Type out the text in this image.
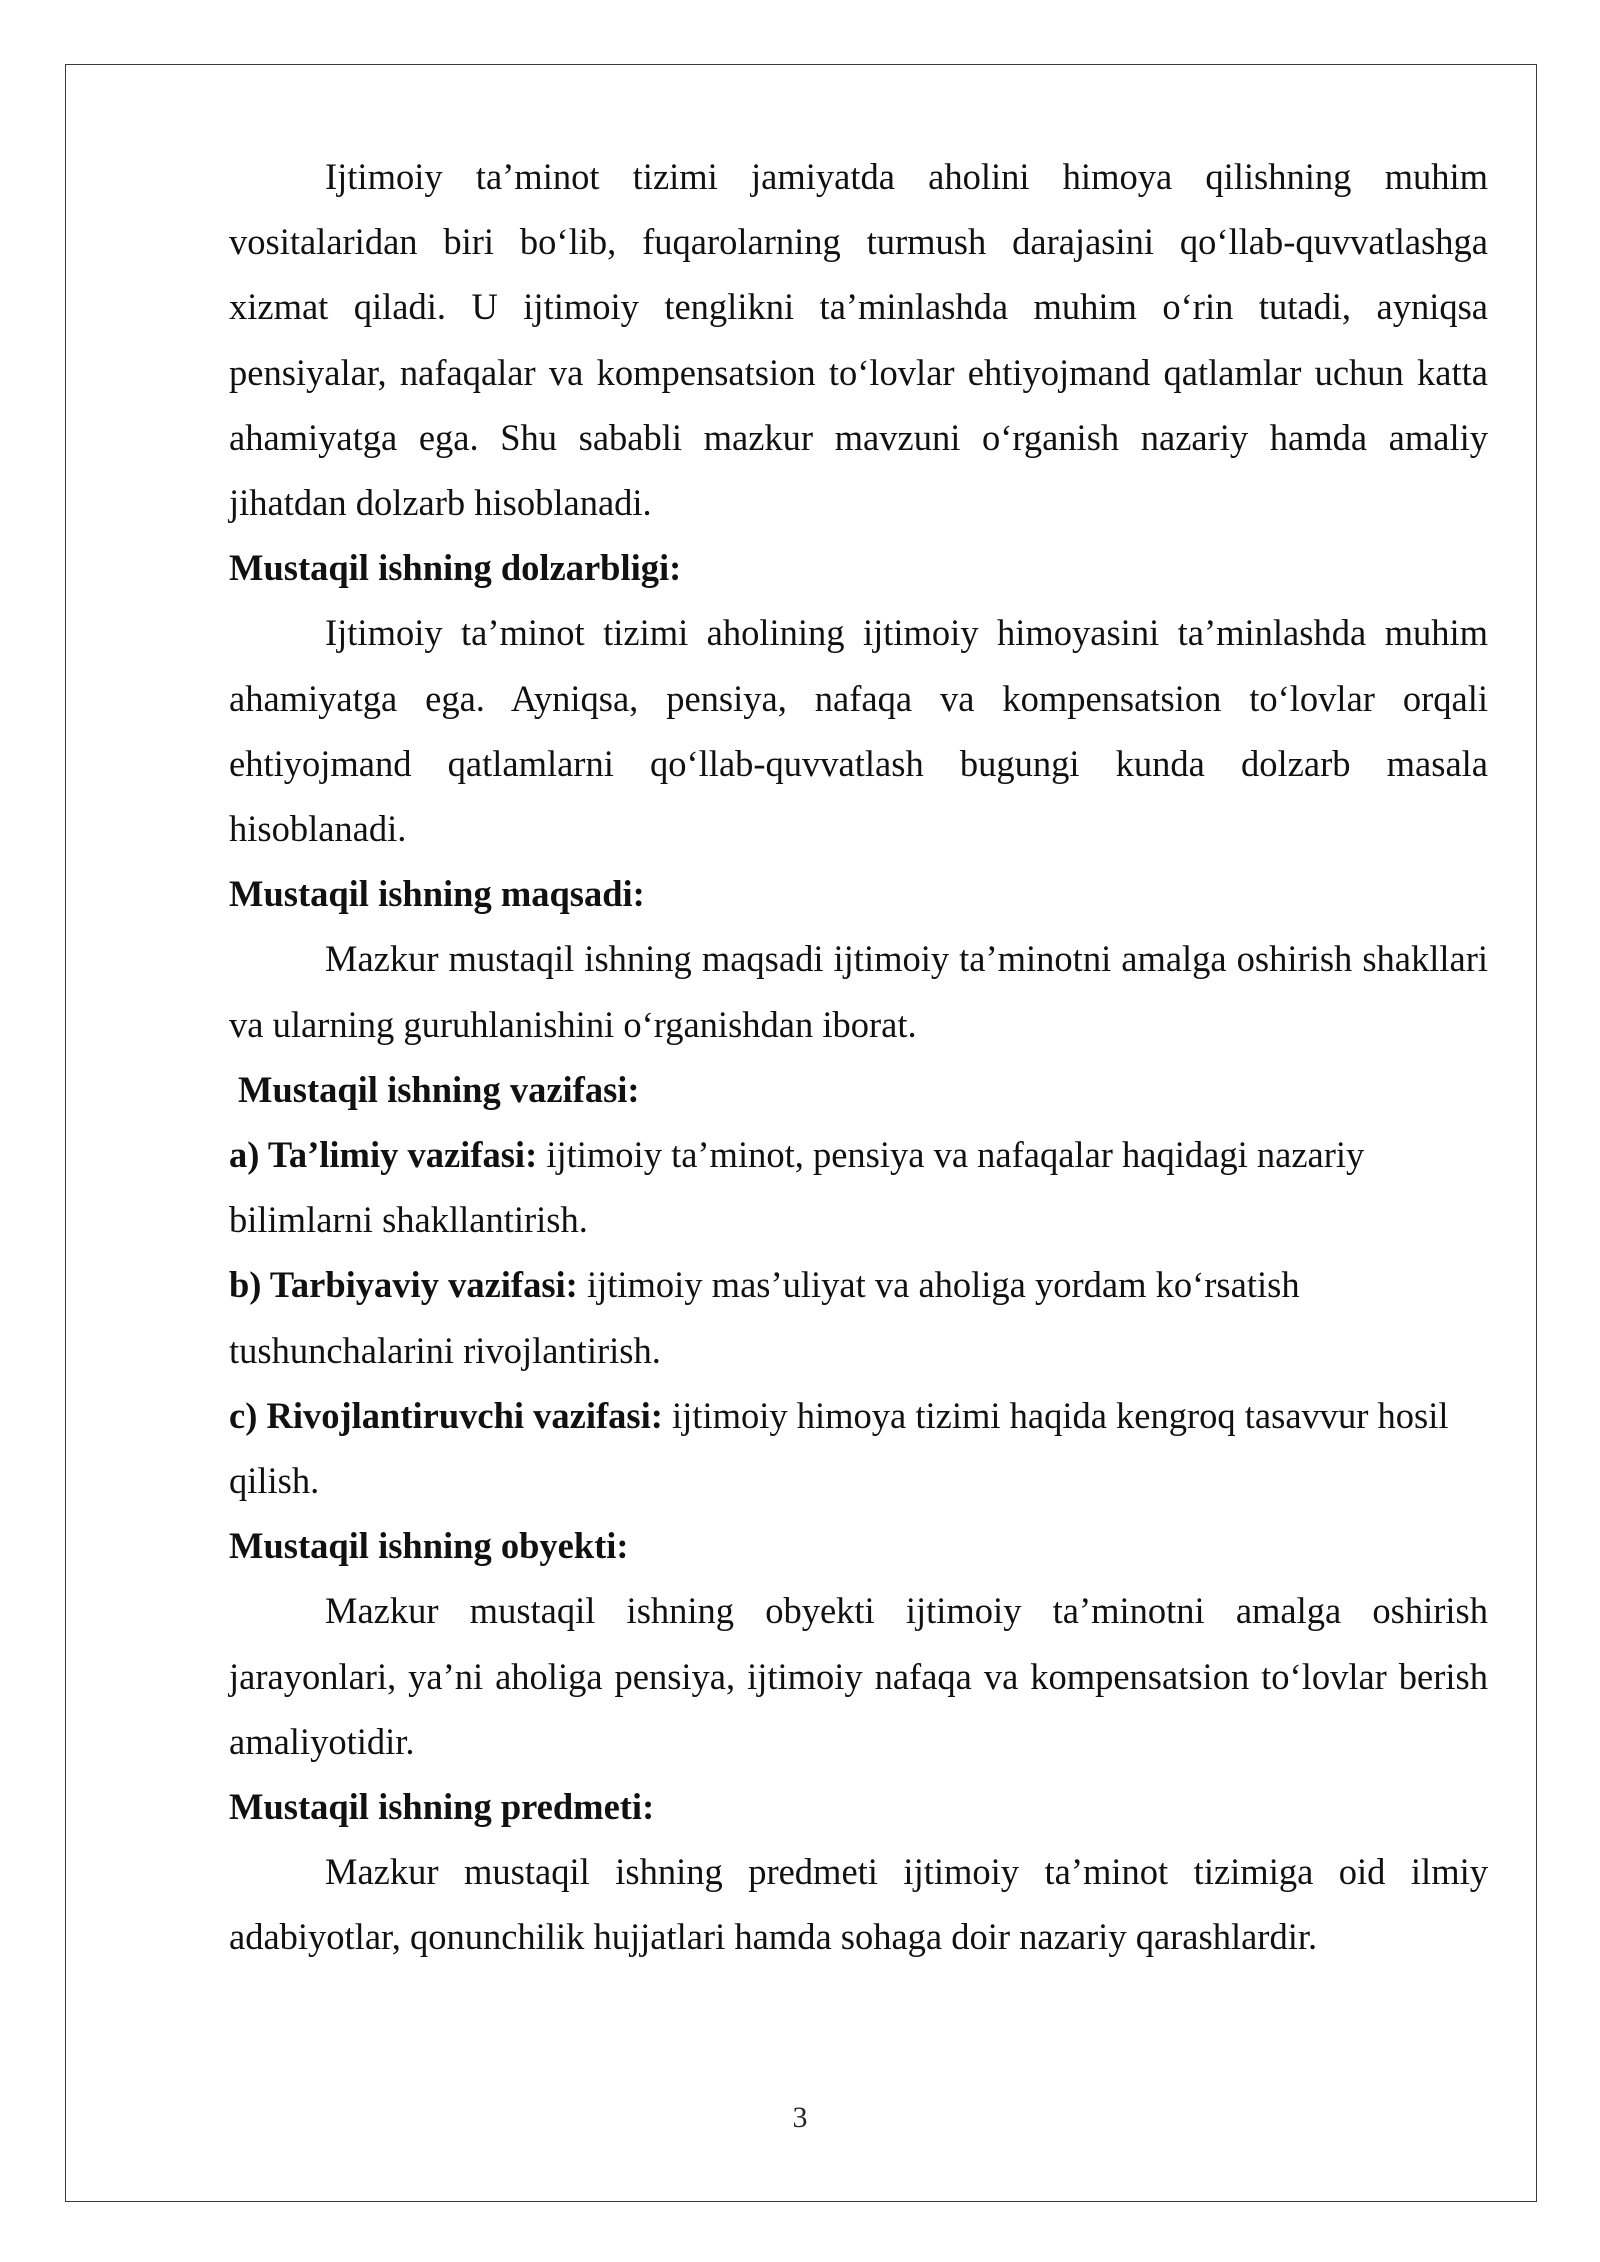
Ijtimoiy ta’minot tizimi jamiyatda aholini himoya qilishning muhim vositalaridan biri bo‘lib, fuqarolarning turmush darajasini qo‘llab-quvvatlashga xizmat qiladi. U ijtimoiy tenglikni ta’minlashda muhim o‘rin tutadi, ayniqsa pensiyalar, nafaqalar va kompensatsion to‘lovlar ehtiyojmand qatlamlar uchun katta ahamiyatga ega. Shu sababli mazkur mavzuni o‘rganish nazariy hamda amaliy jihatdan dolzarb hisoblanadi.

Mustaqil ishning dolzarbligi:

Ijtimoiy ta’minot tizimi aholining ijtimoiy himoyasini ta’minlashda muhim ahamiyatga ega. Ayniqsa, pensiya, nafaqa va kompensatsion to‘lovlar orqali ehtiyojmand qatlamlarni qo‘llab-quvvatlash bugungi kunda dolzarb masala hisoblanadi.

Mustaqil ishning maqsadi:

Mazkur mustaqil ishning maqsadi ijtimoiy ta’minotni amalga oshirish shakllari va ularning guruhlanishini o‘rganishdan iborat.

Mustaqil ishning vazifasi:

a) Ta’limiy vazifasi: ijtimoiy ta’minot, pensiya va nafaqalar haqidagi nazariy bilimlarni shakllantirish.

b) Tarbiyaviy vazifasi: ijtimoiy mas’uliyat va aholiga yordam ko‘rsatish tushunchalarini rivojlantirish.

c) Rivojlantiruvchi vazifasi: ijtimoiy himoya tizimi haqida kengroq tasavvur hosil qilish.

Mustaqil ishning obyekti:

Mazkur mustaqil ishning obyekti ijtimoiy ta’minotni amalga oshirish jarayonlari, ya’ni aholiga pensiya, ijtimoiy nafaqa va kompensatsion to‘lovlar berish amaliyotidir.

Mustaqil ishning predmeti:

Mazkur mustaqil ishning predmeti ijtimoiy ta’minot tizimiga oid ilmiy adabiyotlar, qonunchilik hujjatlari hamda sohaga doir nazariy qarashlardir.

3
